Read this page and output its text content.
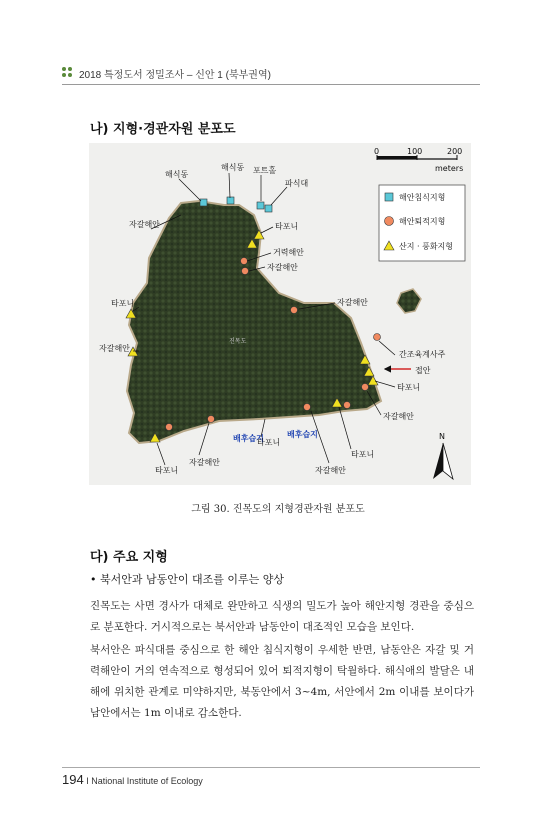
2018 특정도서 정밀조사 – 신안 1 (북부권역)
나) 지형·경관자원 분포도
0	100	200
meters
해안침식지형
해안퇴적지형
산지 · 풍화지형
해식동
해식동 포트홀
파식대
자갈해안	타포니
거력해안
자갈해안
타포니	자갈해안
자갈해안
간조육계사주
접안
타포니
자갈해안
배후습지
타포니
배후습지
타포니
자갈해안
타포니	자갈해안
진목도
N
그림 30. 진목도의 지형경관자원 분포도
다) 주요 지형
• 북서안과 남동안이 대조를 이루는 양상
진목도는 사면 경사가 대체로 완만하고 식생의 밀도가 높아 해안지형 경관을 중심으로 분포한다. 거시적으로는 북서안과 남동안이 대조적인 모습을 보인다.
북서안은 파식대를 중심으로 한 해안 침식지형이 우세한 반면, 남동안은 자갈 및 거력해안이 거의 연속적으로 형성되어 있어 퇴적지형이 탁월하다. 해식애의 발달은 내해에 위치한 관계로 미약하지만, 북동안에서 3~4m, 서안에서 2m 이내를 보이다가 남안에서는 1m 이내로 감소한다.
194 I National Institute of Ecology
